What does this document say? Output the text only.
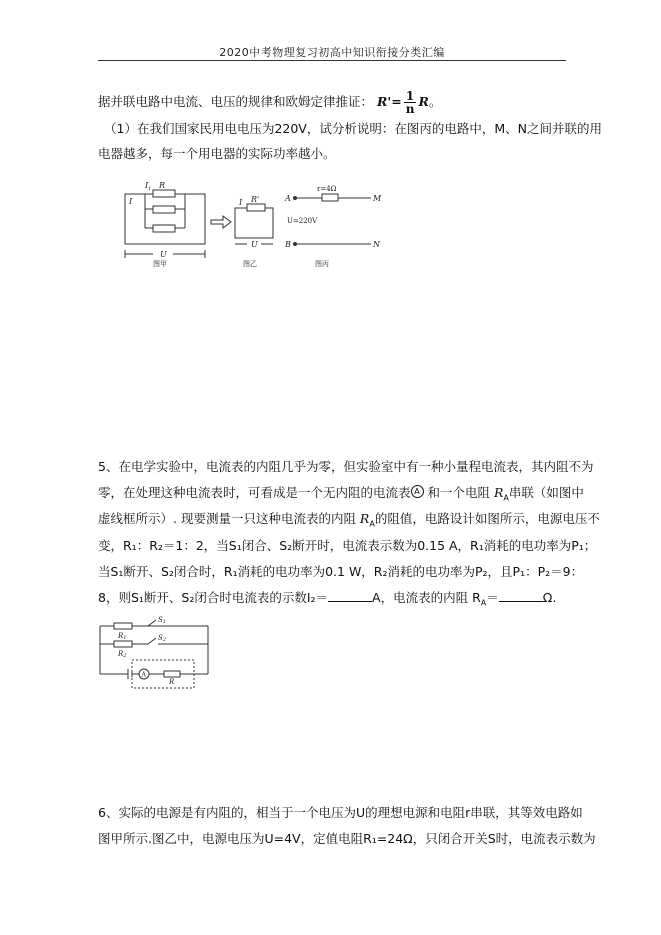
2020中考物理复习初高中知识衔接分类汇编
据并联电路中电流、电压的规律和欧姆定律推证： $R'= \frac{1}{n}$ R。
（1）在我们国家民用电电压为220V，试分析说明：在图丙的电路中，M、N之间并联的用
电器越多，每一个用电器的实际功率越小。
$I_1$ R
I
U
I R'
U
A
B
M
N
r=4Ω
U=220V
图甲	图乙	图丙
5、在电学实验中，电流表的内阻几乎为零，但实验室中有一种小量程电流表，其内阻不为
零，在处理这种电流表时，可看成是一个无内阻的电流表 A 和一个电阻 $R_A$串联（如图中
虚线框所示）. 现要测量一只这种电流表的内阻 $R_A$的阻值，电路设计如图所示，电源电压不
变，R₁：R₂＝1：2，当S₁闭合、S₂断开时，电流表示数为0.15 A，R₁消耗的电功率为P₁；
当S₁断开、S₂闭合时，R₁消耗的电功率为0.1 W，R₂消耗的电功率为P₂，且P₁：P₂＝9：
8，则S₁断开、S₂闭合时电流表的示数I₂＝	A，电流表的内阻 $R_A=$	Ω.
S1
S2
R1
R2
A
R
6、实际的电源是有内阻的，相当于一个电压为U的理想电源和电阻r串联，其等效电路如
图甲所示.图乙中，电源电压为U=4V，定值电阻R₁=24Ω，只闭合开关S时，电流表示数为
